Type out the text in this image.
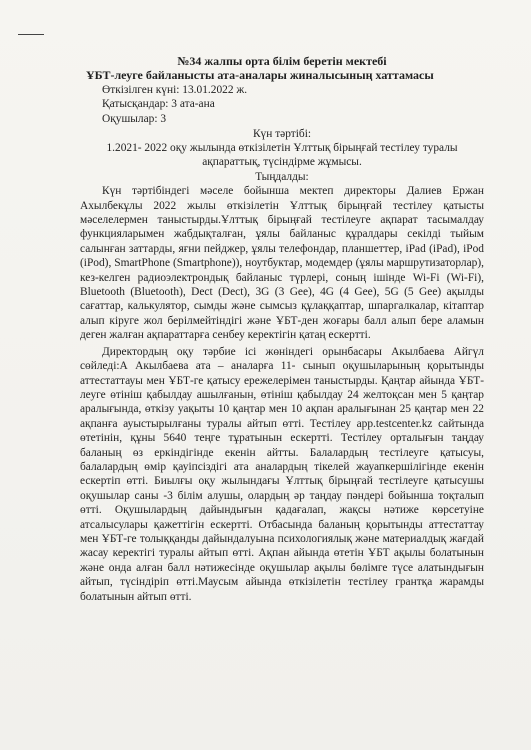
№34 жалпы орта білім беретін мектебі

ҰБТ-леуге байланысты ата-аналары жиналысының хаттамасы

Өткізілген күні: 13.01.2022 ж.

Қатысқандар: 3 ата-ана

Оқушылар: 3

Күн тәртібі:

1.2021- 2022 оқу жылында өткізілетін Ұлттық бірыңғай тестілеу туралы ақпараттық, түсіндірме жұмысы.

Тыңдалды:

Күн тәртібіндегі мәселе бойынша мектеп директоры Далиев Ержан Ахылбекұлы 2022 жылы өткізілетін Ұлттық бірыңғай тестілеу қатысты мәселелермен таныстырды.Ұлттық бірыңғай тестілеуге ақпарат тасымалдау функцияларымен жабдықталған, ұялы байланыс құралдары секілді тыйым салынған заттарды, яғни пейджер, ұялы телефондар, планшеттер, iPad (iPad), iPod (iPod), SmartPhone (Smartphone)), ноутбуктар, модемдер (ұялы маршрутизаторлар), кез-келген радиоэлектрондық байланыс түрлері, соның ішінде Wi-Fi (Wi-Fi), Bluetooth (Bluetooth), Dect (Dect), 3G (3 Gee), 4G (4 Gee), 5G (5 Gee) ақылды сағаттар, калькулятор, сымды және сымсыз құлаққаптар, шпаргалкалар, кітаптар алып кіруге жол берілмейтіндігі және ҰБТ-ден жоғары балл алып бере аламын деген жалған ақпараттарға сенбеу керектігін қатаң ескертті.

Директордың оқу тәрбие ісі жөніндегі орынбасары Акылбаева Айгүл сөйледі:А Акылбаева ата – аналарға 11- сынып оқушыларының қорытынды аттестаттауы мен ҰБТ-ге қатысу ережелерімен таныстырды. Қаңтар айында ҰБТ-леуге өтініш қабылдау ашылғанын, өтініш қабылдау 24 желтоқсан мен 5 қаңтар аралығында, өткізу уақыты 10 қаңтар мен 10 ақпан аралығынан 25 қаңтар мен 22 ақпанға ауыстырылғаны туралы айтып өтті. Тестілеу app.testcenter.kz сайтында өтетінін, құны 5640 теңге тұратынын ескертті. Тестілеу орталығын таңдау баланың өз еркіндігінде екенін айтты. Балалардың тестілеуге қатысуы, балалардың өмір қауіпсіздігі ата аналардың тікелей жауапкершілігінде екенін ескертіп өтті. Биылғы оқу жылындағы Ұлттық бірыңғай тестілеуге қатысушы оқушылар саны -3 білім алушы, олардың әр таңдау пәндері бойынша тоқталып өтті. Оқушылардың дайындығын қадағалап, жақсы нәтиже көрсетуіне атсалысулары қажеттігін ескертті. Отбасында баланың қорытынды аттестаттау мен ҰБТ-ге толыққанды дайындалуына психологиялық және материалдық жағдай жасау керектігі туралы айтып өтті. Ақпан айында өтетін ҰБТ ақылы болатынын және онда алған балл нәтижесінде оқушылар ақылы бөлімге түсе алатындығын айтып, түсіндіріп өтті.Маусым айында өткізілетін тестілеу грантқа жарамды болатынын айтып өтті.
